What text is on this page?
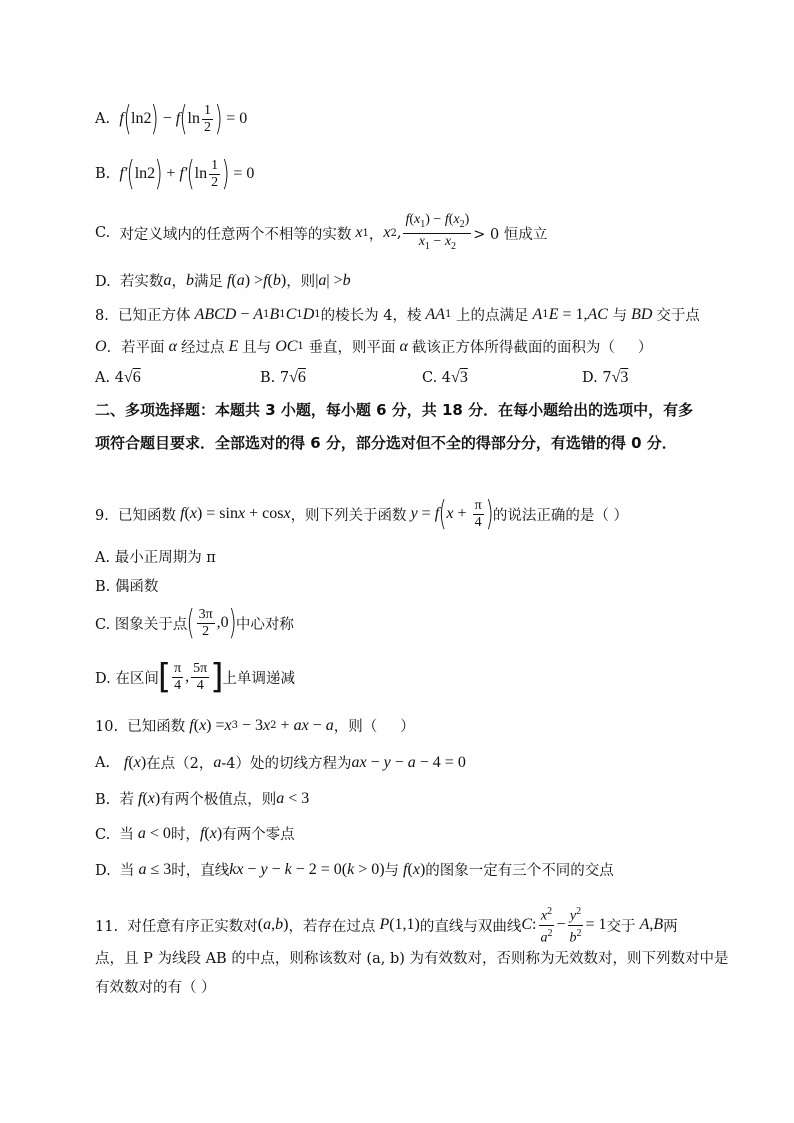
A. f ( ln2 ) − f ( $\ln \frac{1}{2}$ ) = 0
B. f′ ( ln2 ) + f′ ( $\ln \frac{1}{2}$ ) = 0
C. 对定义域内的任意两个不相等的实数 x 1 ， x 2 , $\frac{f(x_1) - f(x_2)}{x_1 - x_2} > 0$ 恒成立
D.  若实数 a ， b 满足 f ( a ) > f ( b ) ，则 | a | > b
8.  已知正方体 ABCD − A 1 B 1 C 1 D 1 的棱长为 4，棱 AA 1 上的点满足 A 1 E = 1, AC 与 BD 交于点
O ．若平面 α 经过点 E 且与 OC 1 垂直，则平面 α 截该正方体所得截面的面积为（     ）
A. 4√6	B. 7√6	C. 4√3	D. 7√3
二、多项选择题：本题共 3 小题，每小题 6 分，共 18 分．在每小题给出的选项中，有多项符合题目要求．全部选对的得 6 分，部分选对但不全的得部分分，有选错的得 0 分．
9.  已知函数 f ( x ) = sin x + cos x ，则下列关于函数 y = f ( $x + \frac{\pi}{4}$ ) 的说法正确的是（ ）
A. 最小正周期为 π
B. 偶函数
C. 图象关于点 ( $\frac{3\pi}{2} ,0$ ) 中心对称
D. 在区间 [ $\frac{\pi}{4}$ , $\frac{5\pi}{4}$ ] 上单调递减
10.  已知函数 f ( x ) = x 3 − 3 x 2 + ax − a ，则（     ）
A. f ( x ) 在点（2， a -4）处的切线方程为 ax − y − a − 4 = 0
B.  若 f ( x ) 有两个极值点，则 a < 3
C.  当 a < 0 时， f ( x ) 有两个零点
D.  当 a ≤ 3 时，直线 kx − y − k − 2 = 0 ( k > 0) 与 f ( x ) 的图象一定有三个不同的交点
11.  对任意有序正实数对 ( a , b ) ，若存在过点 P (1,1) 的直线与双曲线 C : $\frac{x^2}{a^2} - \frac{y^2}{b^2} = 1$ 交于 A , B 两
点，且 P 为线段 AB 的中点，则称该数对 (a, b) 为有效数对，否则称为无效数对，则下列数对中是
有效数对的有（ ）
